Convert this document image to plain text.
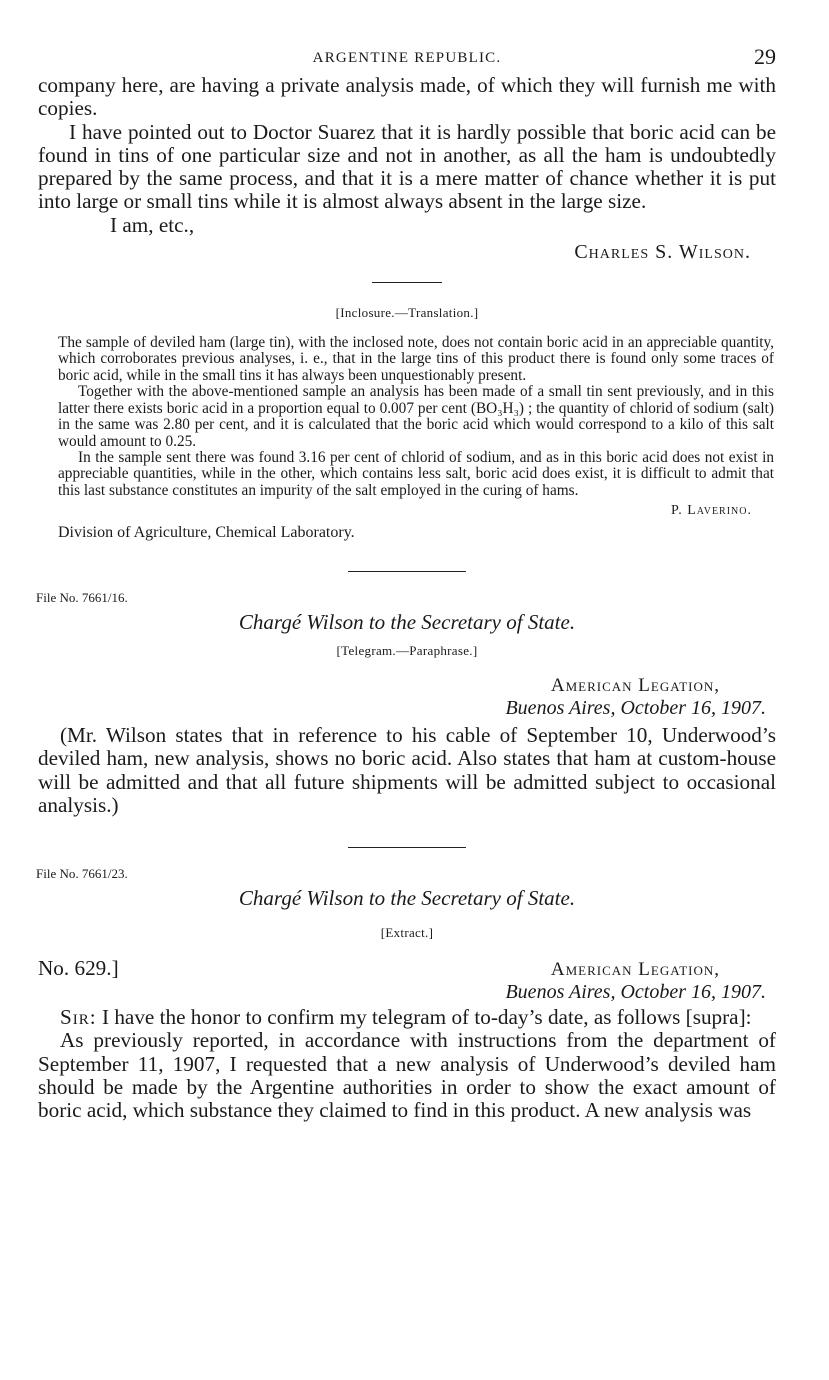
ARGENTINE REPUBLIC.	29

company here, are having a private analysis made, of which they will furnish me with copies.

I have pointed out to Doctor Suarez that it is hardly possible that boric acid can be found in tins of one particular size and not in another, as all the ham is undoubtedly prepared by the same process, and that it is a mere matter of chance whether it is put into large or small tins while it is almost always absent in the large size.

I am, etc.,

Charles S. Wilson.
[Inclosure.—Translation.]

The sample of deviled ham (large tin), with the inclosed note, does not contain boric acid in an appreciable quantity, which corroborates previous analyses, i. e., that in the large tins of this product there is found only some traces of boric acid, while in the small tins it has always been unquestionably present.

Together with the above-mentioned sample an analysis has been made of a small tin sent previously, and in this latter there exists boric acid in a proportion equal to 0.007 per cent (BO₃H₃) ; the quantity of chlorid of sodium (salt) in the same was 2.80 per cent, and it is calculated that the boric acid which would correspond to a kilo of this salt would amount to 0.25.

In the sample sent there was found 3.16 per cent of chlorid of sodium, and as in this boric acid does not exist in appreciable quantities, while in the other, which contains less salt, boric acid does exist, it is difficult to admit that this last substance constitutes an impurity of the salt employed in the curing of hams.

P. Laverino.
Division of Agriculture, Chemical Laboratory.
File No. 7661/16.
Chargé Wilson to the Secretary of State.
[Telegram.—Paraphrase.]
American Legation,
Buenos Aires, October 16, 1907.

(Mr. Wilson states that in reference to his cable of September 10, Underwood’s deviled ham, new analysis, shows no boric acid. Also states that ham at custom-house will be admitted and that all future shipments will be admitted subject to occasional analysis.)

File No. 7661/23.
Chargé Wilson to the Secretary of State.
[Extract.]
No. 629.]	American Legation,
Buenos Aires, October 16, 1907.

Sir: I have the honor to confirm my telegram of to-day’s date, as follows [supra]:

As previously reported, in accordance with instructions from the department of September 11, 1907, I requested that a new analysis of Underwood’s deviled ham should be made by the Argentine authorities in order to show the exact amount of boric acid, which substance they claimed to find in this product. A new analysis was
